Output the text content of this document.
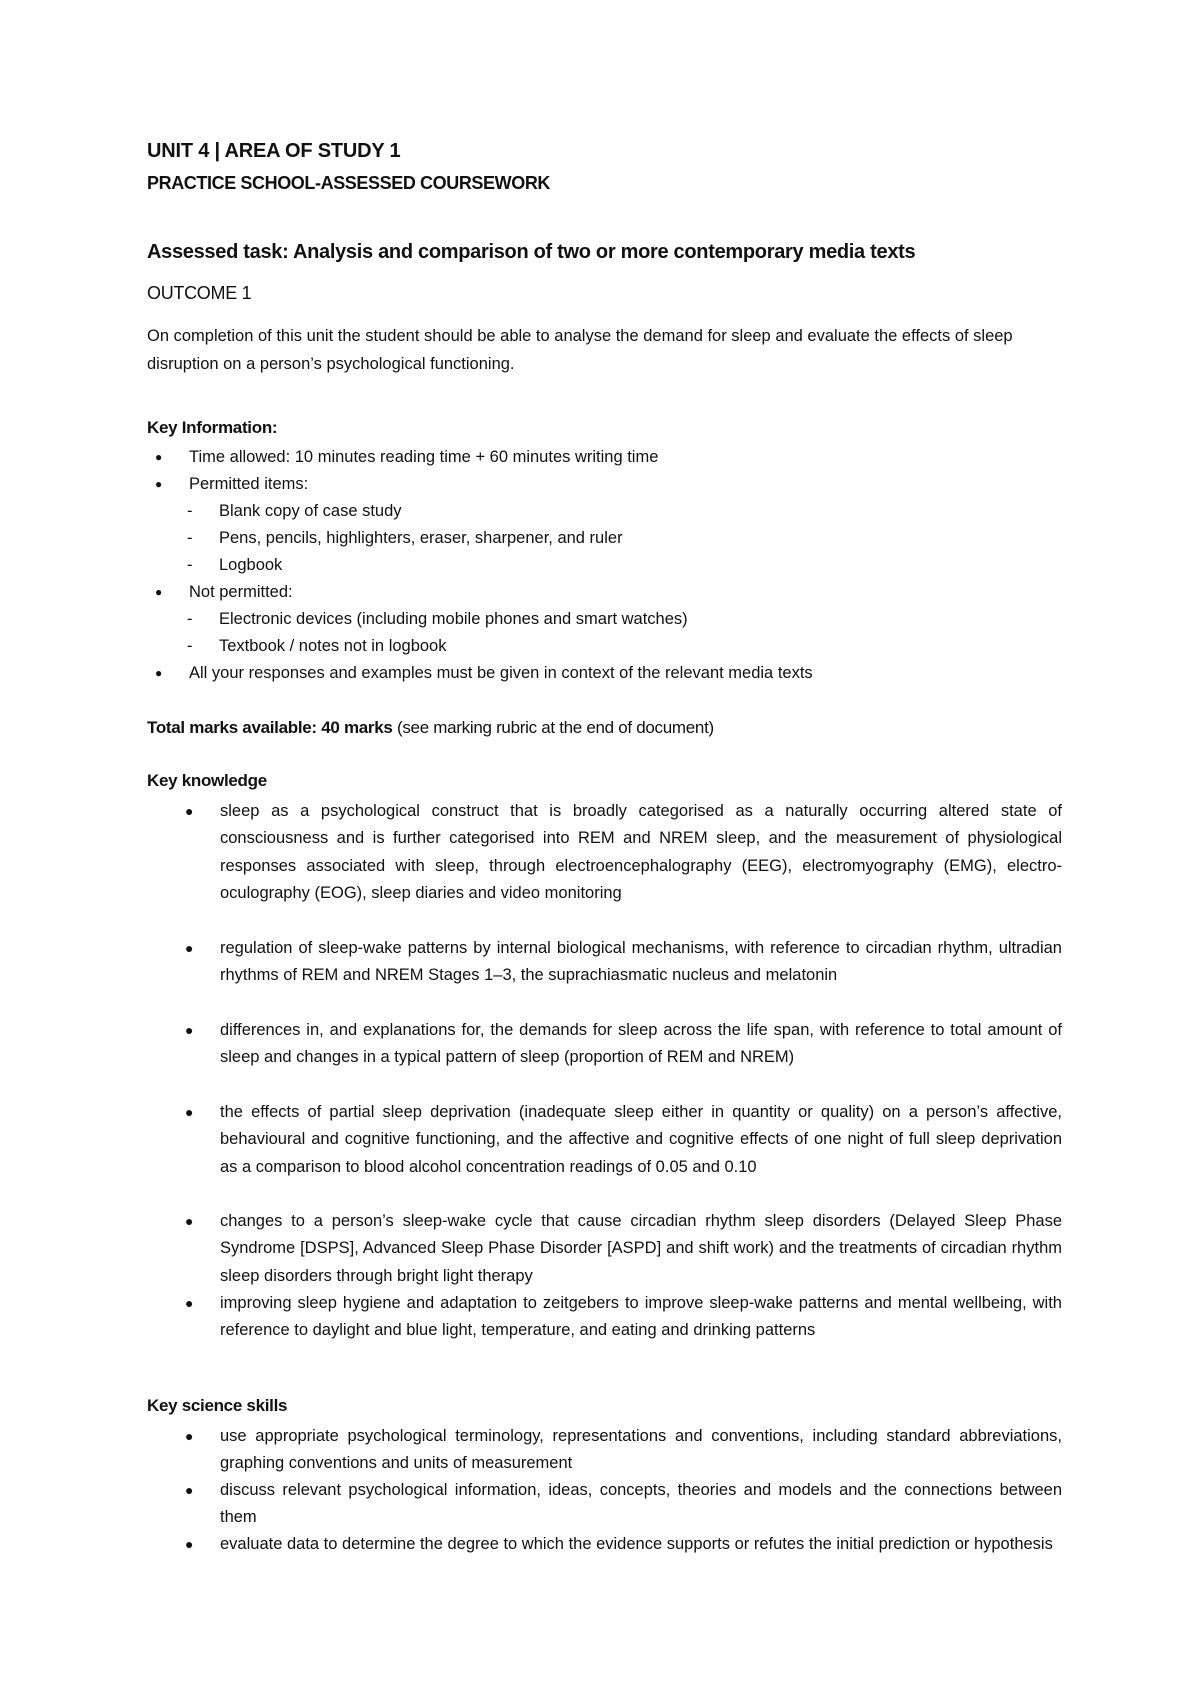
UNIT 4 | AREA OF STUDY 1
PRACTICE SCHOOL-ASSESSED COURSEWORK
Assessed task: Analysis and comparison of two or more contemporary media texts
OUTCOME 1
On completion of this unit the student should be able to analyse the demand for sleep and evaluate the effects of sleep disruption on a person’s psychological functioning.
Key Information:
● Time allowed: 10 minutes reading time + 60 minutes writing time
● Permitted items:
- Blank copy of case study
- Pens, pencils, highlighters, eraser, sharpener, and ruler
- Logbook
● Not permitted:
- Electronic devices (including mobile phones and smart watches)
- Textbook / notes not in logbook
● All your responses and examples must be given in context of the relevant media texts
Total marks available: 40 marks (see marking rubric at the end of document)
Key knowledge
● sleep as a psychological construct that is broadly categorised as a naturally occurring altered state of consciousness and is further categorised into REM and NREM sleep, and the measurement of physiological responses associated with sleep, through electroencephalography (EEG), electromyography (EMG), electro-oculography (EOG), sleep diaries and video monitoring
● regulation of sleep-wake patterns by internal biological mechanisms, with reference to circadian rhythm, ultradian rhythms of REM and NREM Stages 1–3, the suprachiasmatic nucleus and melatonin
● differences in, and explanations for, the demands for sleep across the life span, with reference to total amount of sleep and changes in a typical pattern of sleep (proportion of REM and NREM)
● the effects of partial sleep deprivation (inadequate sleep either in quantity or quality) on a person’s affective, behavioural and cognitive functioning, and the affective and cognitive effects of one night of full sleep deprivation as a comparison to blood alcohol concentration readings of 0.05 and 0.10
● changes to a person’s sleep-wake cycle that cause circadian rhythm sleep disorders (Delayed Sleep Phase Syndrome [DSPS], Advanced Sleep Phase Disorder [ASPD] and shift work) and the treatments of circadian rhythm sleep disorders through bright light therapy
● improving sleep hygiene and adaptation to zeitgebers to improve sleep-wake patterns and mental wellbeing, with reference to daylight and blue light, temperature, and eating and drinking patterns
Key science skills
● use appropriate psychological terminology, representations and conventions, including standard abbreviations, graphing conventions and units of measurement
● discuss relevant psychological information, ideas, concepts, theories and models and the connections between them
● evaluate data to determine the degree to which the evidence supports or refutes the initial prediction or hypothesis
